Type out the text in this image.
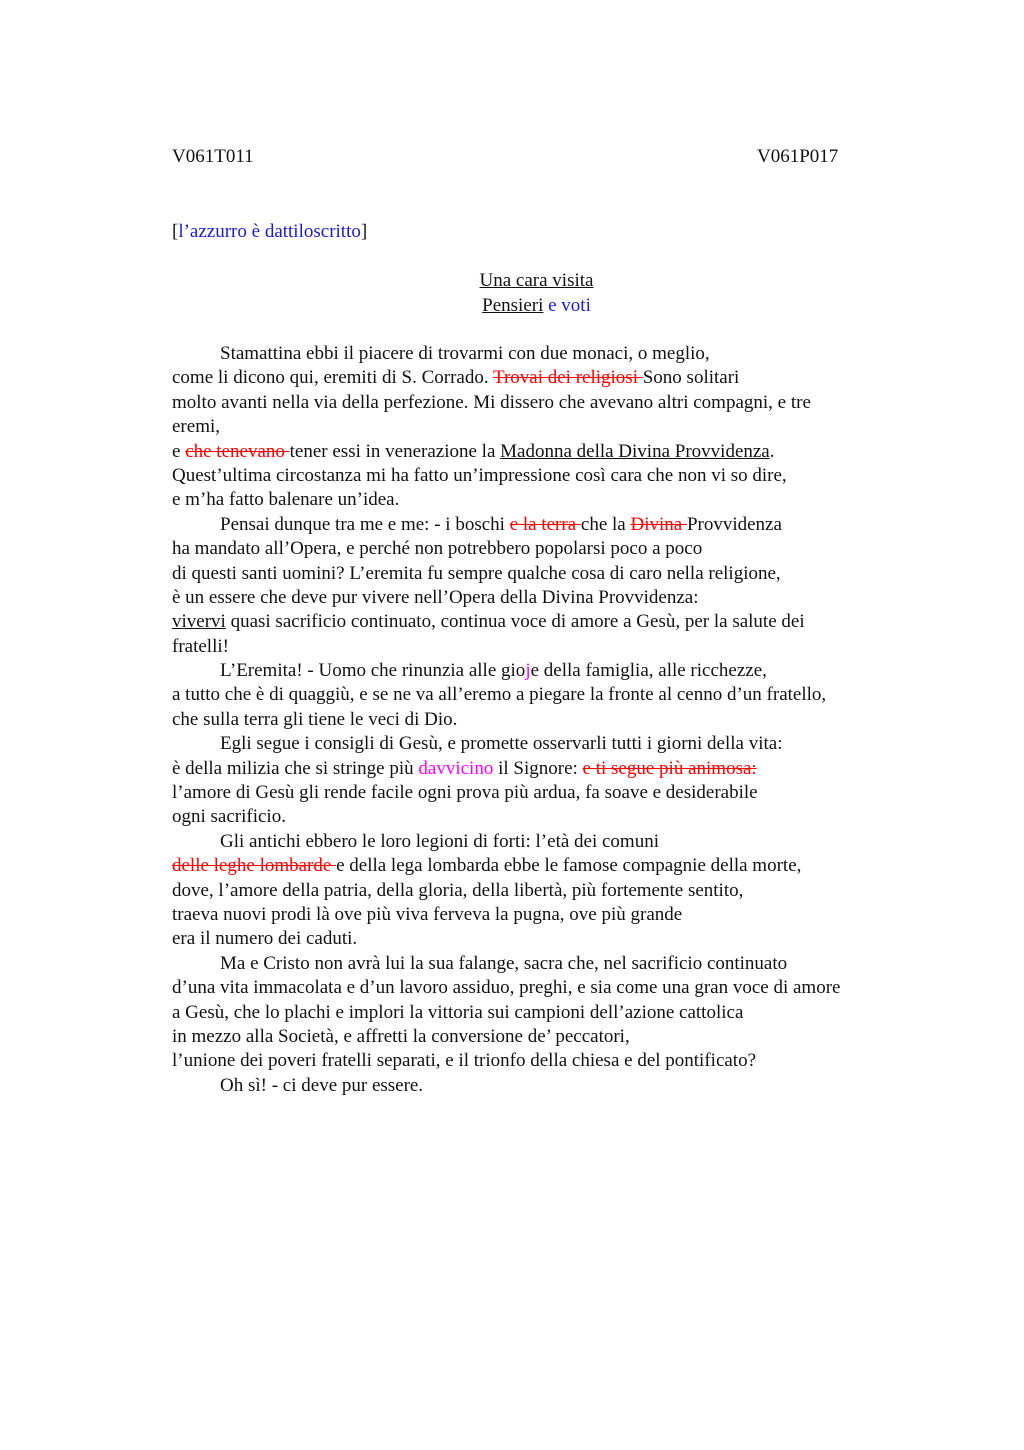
V061T011	V061P017
[l’azzurro è dattiloscritto]
Una cara visita
Pensieri e voti
Stamattina ebbi il piacere di trovarmi con due monaci, o meglio,
come li dicono qui, eremiti di S. Corrado. Trovai dei religiosi Sono solitari
molto avanti nella via della perfezione. Mi dissero che avevano altri compagni, e tre
eremi,
e che tenevano tener essi in venerazione la Madonna della Divina Provvidenza.
Quest’ultima circostanza mi ha fatto un’impressione così cara che non vi so dire,
e m’ha fatto balenare un’idea.
Pensai dunque tra me e me: - i boschi e la terra che la Divina Provvidenza
ha mandato all’Opera, e perché non potrebbero popolarsi poco a poco
di questi santi uomini? L’eremita fu sempre qualche cosa di caro nella religione,
è un essere che deve pur vivere nell’Opera della Divina Provvidenza:
vivervi quasi sacrificio continuato, continua voce di amore a Gesù, per la salute dei
fratelli!
L’Eremita! - Uomo che rinunzia alle gioje della famiglia, alle ricchezze,
a tutto che è di quaggiù, e se ne va all’eremo a piegare la fronte al cenno d’un fratello,
che sulla terra gli tiene le veci di Dio.
Egli segue i consigli di Gesù, e promette osservarli tutti i giorni della vita:
è della milizia che si stringe più davvicino il Signore: e ti segue più animosa:
l’amore di Gesù gli rende facile ogni prova più ardua, fa soave e desiderabile
ogni sacrificio.
Gli antichi ebbero le loro legioni di forti: l’età dei comuni
delle leghe lombarde e della lega lombarda ebbe le famose compagnie della morte,
dove, l’amore della patria, della gloria, della libertà, più fortemente sentito,
traeva nuovi prodi là ove più viva ferveva la pugna, ove più grande
era il numero dei caduti.
Ma e Cristo non avrà lui la sua falange, sacra che, nel sacrificio continuato
d’una vita immacolata e d’un lavoro assiduo, preghi, e sia come una gran voce di amore
a Gesù, che lo plachi e implori la vittoria sui campioni dell’azione cattolica
in mezzo alla Società, e affretti la conversione de’ peccatori,
l’unione dei poveri fratelli separati, e il trionfo della chiesa e del pontificato?
Oh sì! - ci deve pur essere.
